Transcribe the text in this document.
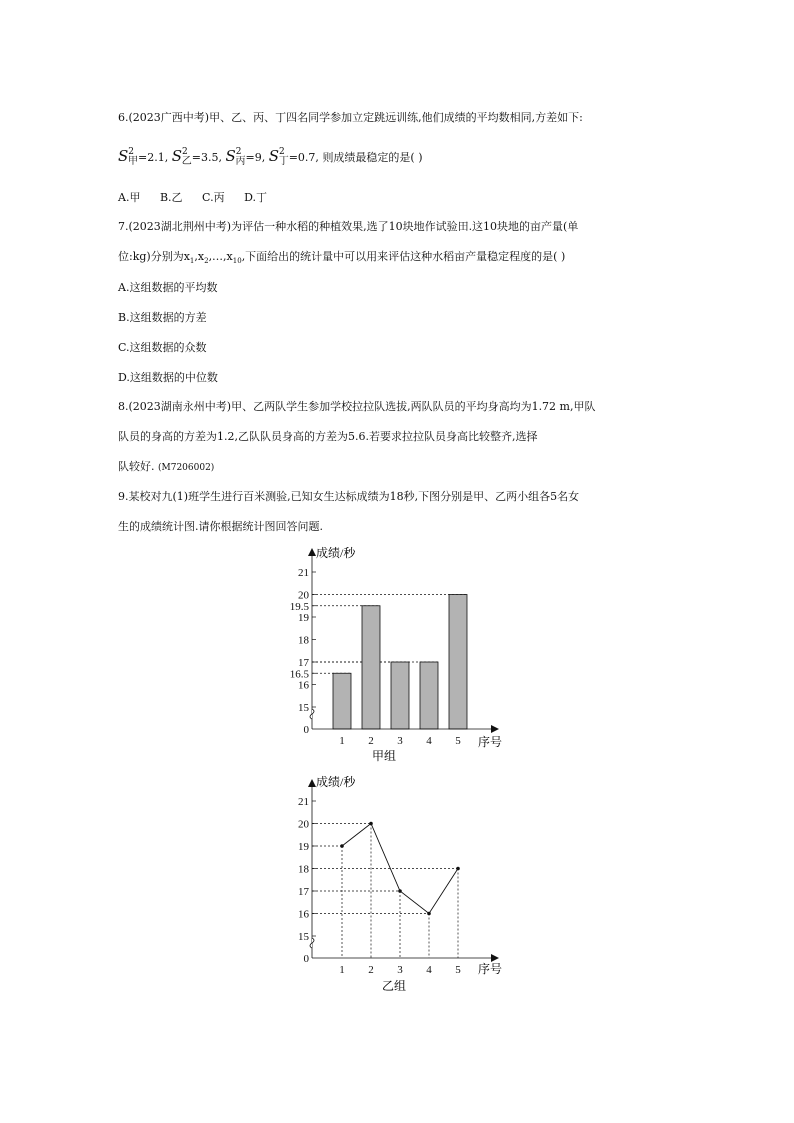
6.(2023广西中考)甲、乙、丙、丁四名同学参加立定跳远训练,他们成绩的平均数相同,方差如下:
$S^2$甲=2.1, $S^2$乙=3.5, $S^2$丙=9, $S^2$丁=0.7, 则成绩最稳定的是( )
A.甲 B.乙 C.丙 D.丁
7.(2023湖北荆州中考)为评估一种水稻的种植效果,选了10块地作试验田.这10块地的亩产量(单
位:kg)分别为$x_1,x_2,\dots,x_{10}$,下面给出的统计量中可以用来评估这种水稻亩产量稳定程度的是( )
A.这组数据的平均数
B.这组数据的方差
C.这组数据的众数
D.这组数据的中位数
8.(2023湖南永州中考)甲、乙两队学生参加学校拉拉队选拔,两队队员的平均身高均为1.72 m,甲队
队员的身高的方差为1.2,乙队队员身高的方差为5.6.若要求拉拉队员身高比较整齐,选择
队较好. (M7206002)
9.某校对九(1)班学生进行百米测验,已知女生达标成绩为18秒,下图分别是甲、乙两小组各5名女
生的成绩统计图.请你根据统计图回答问题.
0
15
16
16.5
17
18
19
19.5
20
21
1 2 3 4 5
成绩/秒
序号
甲组
0
15
16
17
18
19
20
21
1 2 3 4 5
成绩/秒
序号
乙组
